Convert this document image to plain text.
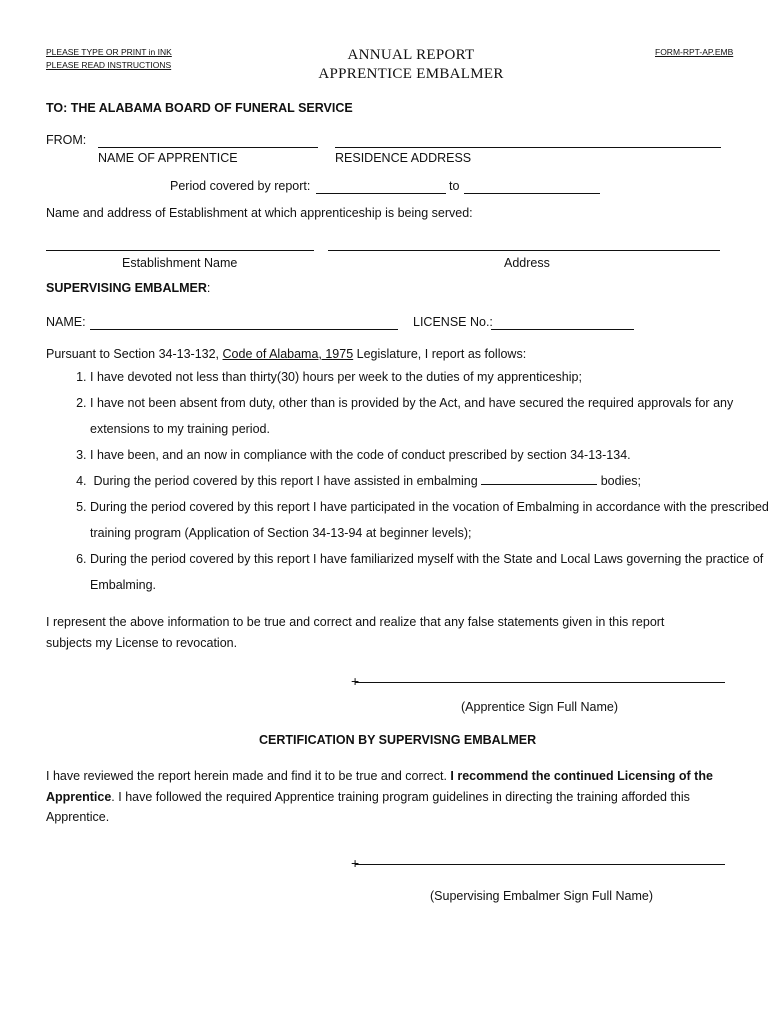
PLEASE TYPE OR PRINT in INK
PLEASE READ INSTRUCTIONS
ANNUAL REPORT
APPRENTICE EMBALMER
FORM-RPT-AP.EMB
TO: THE ALABAMA BOARD OF FUNERAL SERVICE
FROM:
NAME OF APPRENTICE	RESIDENCE ADDRESS
Period covered by report:	to
Name and address of Establishment at which apprenticeship is being served:
Establishment Name	Address
SUPERVISING EMBALMER:
NAME:	LICENSE No.:
Pursuant to Section 34-13-132, Code of Alabama, 1975 Legislature, I report as follows:
1. I have devoted not less than thirty(30) hours per week to the duties of my apprenticeship;
2. I have not been absent from duty, other than is provided by the Act, and have secured the required approvals for any extensions to my training period.
3. I have been, and an now in compliance with the code of conduct prescribed by section 34-13-134.
4. During the period covered by this report I have assisted in embalming	bodies;
5. During the period covered by this report I have participated in the vocation of Embalming in accordance with the prescribed training program (Application of Section 34-13-94 at beginner levels);
6. During the period covered by this report I have familiarized myself with the State and Local Laws governing the practice of Embalming.
I represent the above information to be true and correct and realize that any false statements given in this report subjects my License to revocation.
+
(Apprentice Sign Full Name)
CERTIFICATION BY SUPERVISNG EMBALMER
I have reviewed the report herein made and find it to be true and correct. I recommend the continued Licensing of the Apprentice. I have followed the required Apprentice training program guidelines in directing the training afforded this Apprentice.
+
(Supervising Embalmer Sign Full Name)
